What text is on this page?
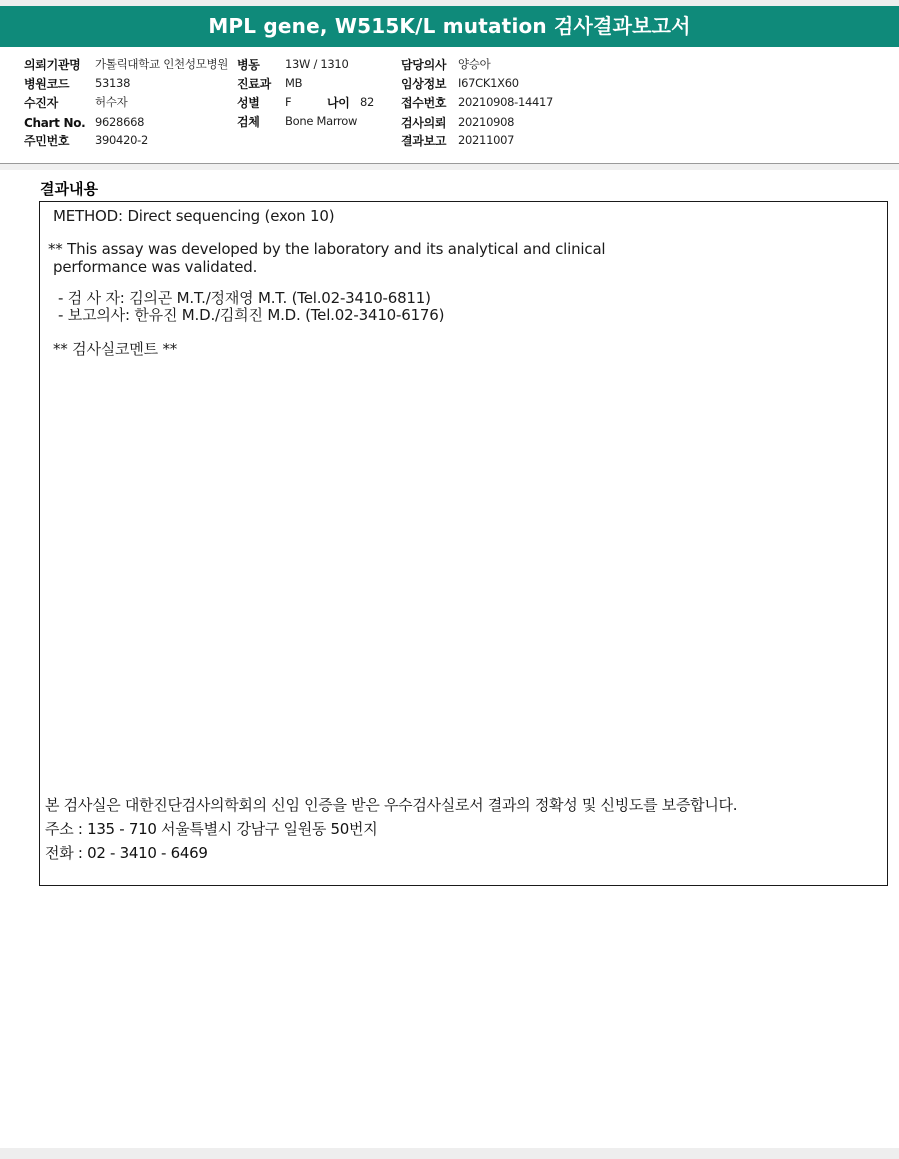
MPL gene, W515K/L mutation 검사결과보고서
의뢰기관명 가톨릭대학교 인천성모병원
병원코드 53138
수진자	허수자
Chart No. 9628668
주민번호 390420-2
병동 13W / 1310
진료과 MB
성별 F	나이 82
검체 Bone Marrow
담당의사 양승아
임상정보 I67CK1X60
접수번호 20210908-14417
검사의뢰 20210908
결과보고 20211007
결과내용
METHOD: Direct sequencing (exon 10)
** This assay was developed by the laboratory and its analytical and clinical
performance was validated.
- 검 사 자: 김의곤 M.T./정재영 M.T. (Tel.02-3410-6811)
- 보고의사: 한유진 M.D./김희진 M.D. (Tel.02-3410-6176)
** 검사실코멘트 **
본 검사실은 대한진단검사의학회의 신임 인증을 받은 우수검사실로서 결과의 정확성 및 신빙도를 보증합니다.
주소 : 135 - 710 서울특별시 강남구 일원동 50번지
전화 : 02 - 3410 - 6469
